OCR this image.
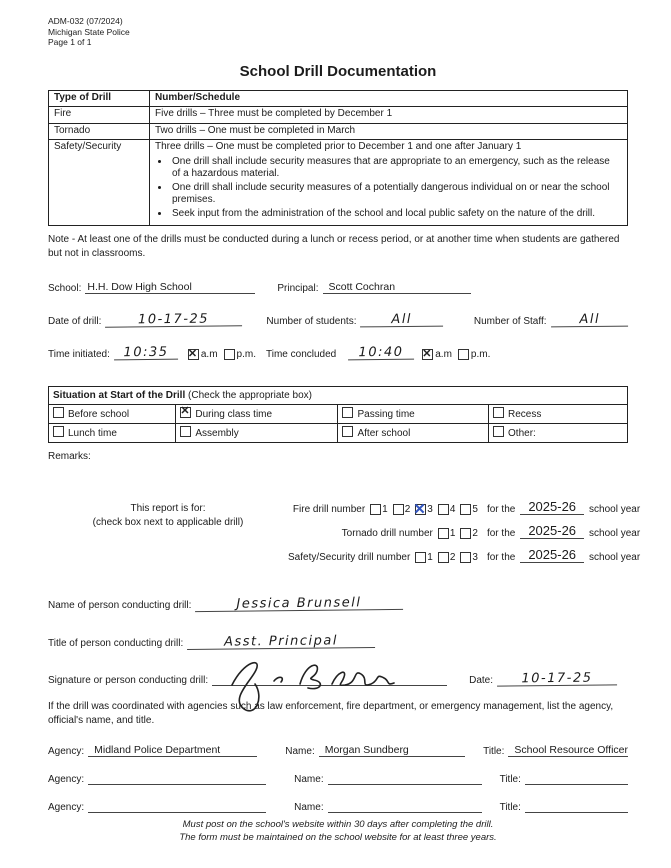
ADM-032 (07/2024)
Michigan State Police
Page 1 of 1
School Drill Documentation
Type of Drill	Number/Schedule
Fire	Five drills – Three must be completed by December 1
Tornado	Two drills – One must be completed in March
Safety/Security	Three drills – One must be completed prior to December 1 and one after January 1
• One drill shall include security measures that are appropriate to an emergency, such as the release of a hazardous material.
• One drill shall include security measures of a potentially dangerous individual on or near the school premises.
• Seek input from the administration of the school and local public safety on the nature of the drill.
Note - At least one of the drills must be conducted during a lunch or recess period, or at another time when students are gathered but not in classrooms.
School: H.H. Dow High School	Principal: Scott Cochran
Date of drill:	10-17-25	Number of students:	All	Number of Staff:	All
Time initiated:	10:35 ✕	a.m p.m. Time concluded	10:40 ✕	a.m p.m.
Situation at Start of the Drill (Check the appropriate box)			
Before school	✕During class time	Passing time	Recess
Lunch time	Assembly	After school	Other:
Remarks:
This report is for:
(check box next to applicable drill)
Fire drill number 1 2 ✕ 3 4 5 for the	2025-26	school year
Tornado drill number 1 2 for the	2025-26	school year
Safety/Security drill number 1 2 3 for the	2025-26	school year
Name of person conducting drill:	Jessica Brunsell
Title of person conducting drill:	Asst. Principal
Signature or person conducting drill:	Date:	10-17-25
If the drill was coordinated with agencies such as law enforcement, fire department, or emergency management, list the agency, official's name, and title.
Agency: Midland Police Department	Name: Morgan Sundberg	Title: School Resource Officer
Agency:	Name:	Title:
Agency:	Name:	Title:
Must post on the school's website within 30 days after completing the drill.
The form must be maintained on the school website for at least three years.
